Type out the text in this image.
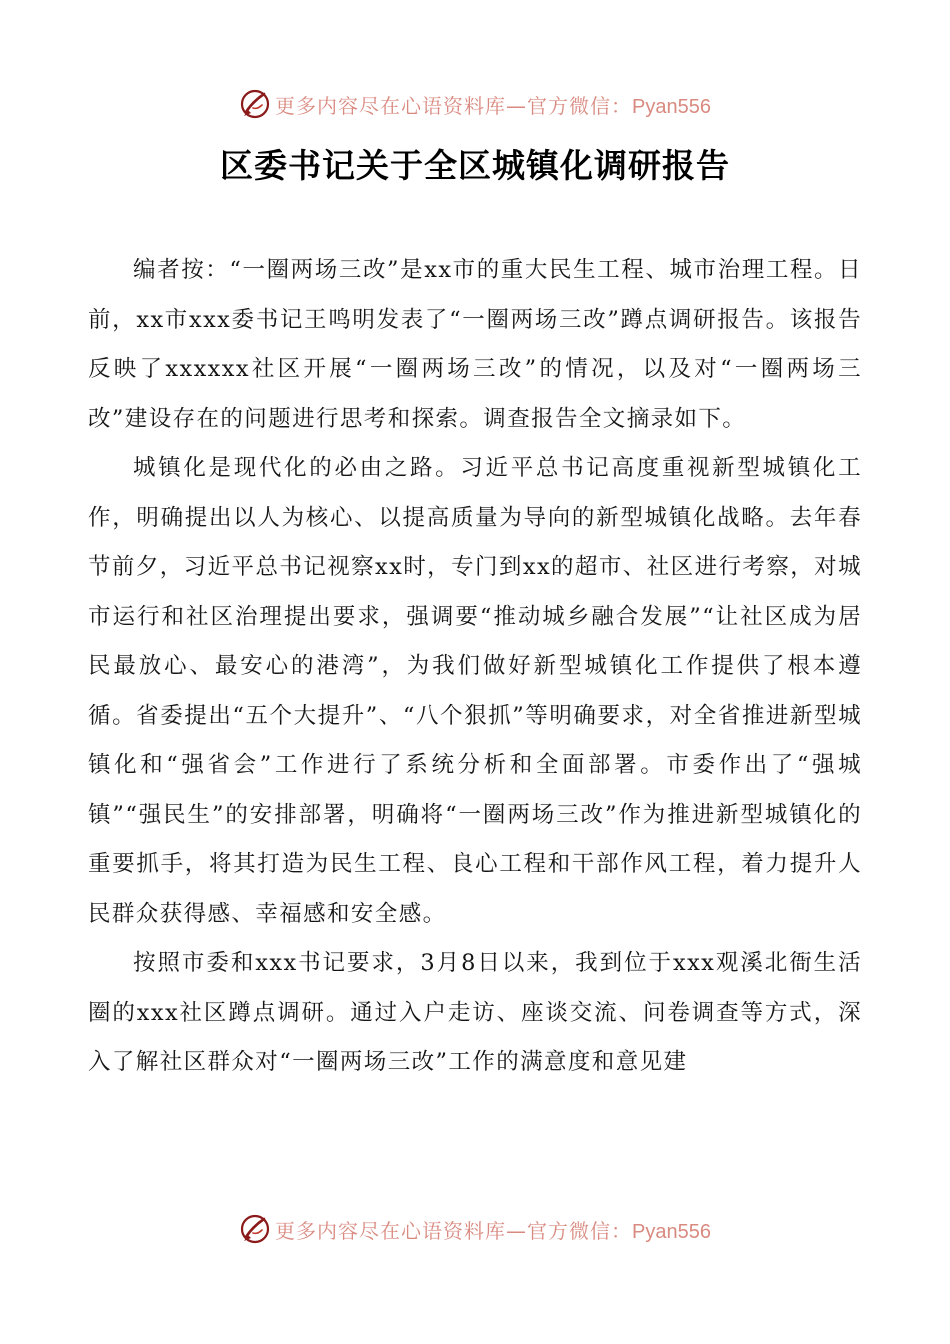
更多内容尽在心语资料库—官方微信：Pyan556
区委书记关于全区城镇化调研报告

编者按：“一圈两场三改”是xx市的重大民生工程、城市治理工程。日前，xx市xxx委书记王鸣明发表了“一圈两场三改”蹲点调研报告。该报告反映了xxxxxx社区开展“一圈两场三改”的情况，以及对“一圈两场三改”建设存在的问题进行思考和探索。调查报告全文摘录如下。

城镇化是现代化的必由之路。习近平总书记高度重视新型城镇化工作，明确提出以人为核心、以提高质量为导向的新型城镇化战略。去年春节前夕，习近平总书记视察xx时，专门到xx的超市、社区进行考察，对城市运行和社区治理提出要求，强调要“推动城乡融合发展”“让社区成为居民最放心、最安心的港湾”，为我们做好新型城镇化工作提供了根本遵循。省委提出“五个大提升”、“八个狠抓”等明确要求，对全省推进新型城镇化和“强省会”工作进行了系统分析和全面部署。市委作出了“强城镇”“强民生”的安排部署，明确将“一圈两场三改”作为推进新型城镇化的重要抓手，将其打造为民生工程、良心工程和干部作风工程，着力提升人民群众获得感、幸福感和安全感。

按照市委和xxx书记要求，3月8日以来，我到位于xxx观溪北衙生活圈的xxx社区蹲点调研。通过入户走访、座谈交流、问卷调查等方式，深入了解社区群众对“一圈两场三改”工作的满意度和意见建

更多内容尽在心语资料库—官方微信：Pyan556
